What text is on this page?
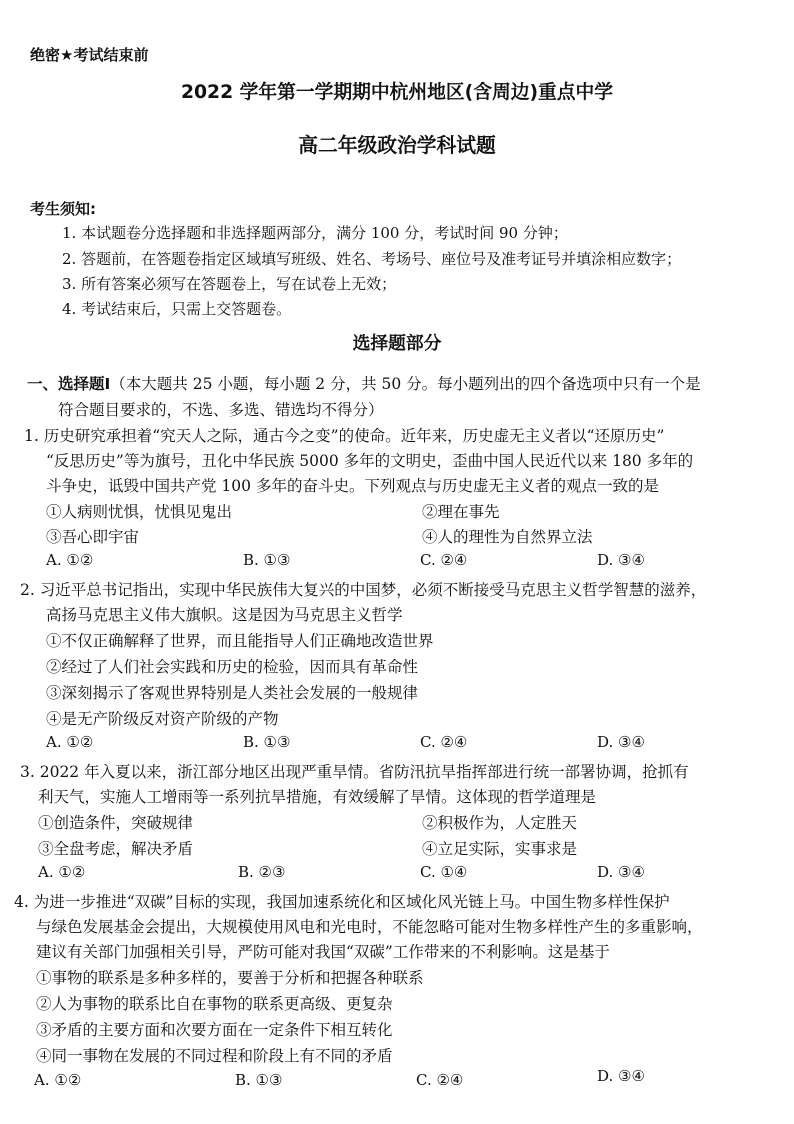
绝密★考试结束前
2022 学年第一学期期中杭州地区(含周边)重点中学
高二年级政治学科试题
考生须知:
1. 本试题卷分选择题和非选择题两部分，满分 100 分，考试时间 90 分钟；
2. 答题前，在答题卷指定区域填写班级、姓名、考场号、座位号及准考证号并填涂相应数字；
3. 所有答案必须写在答题卷上，写在试卷上无效；
4. 考试结束后，只需上交答题卷。
选择题部分
一、选择题Ⅰ（本大题共 25 小题，每小题 2 分，共 50 分。每小题列出的四个备选项中只有一个是
符合题目要求的，不选、多选、错选均不得分）
1. 历史研究承担着“究天人之际，通古今之变”的使命。近年来，历史虚无主义者以“还原历史”
“反思历史”等为旗号，丑化中华民族 5000 多年的文明史，歪曲中国人民近代以来 180 多年的
斗争史，诋毁中国共产党 100 多年的奋斗史。下列观点与历史虚无主义者的观点一致的是
①人病则忧惧，忧惧见鬼出	②理在事先
③吾心即宇宙	④人的理性为自然界立法
A. ①②	B. ①③	C. ②④	D. ③④
2. 习近平总书记指出，实现中华民族伟大复兴的中国梦，必须不断接受马克思主义哲学智慧的滋养，
高扬马克思主义伟大旗帜。这是因为马克思主义哲学
①不仅正确解释了世界，而且能指导人们正确地改造世界
②经过了人们社会实践和历史的检验，因而具有革命性
③深刻揭示了客观世界特别是人类社会发展的一般规律
④是无产阶级反对资产阶级的产物
A. ①②	B. ①③	C. ②④	D. ③④
3. 2022 年入夏以来，浙江部分地区出现严重旱情。省防汛抗旱指挥部进行统一部署协调，抢抓有
利天气，实施人工增雨等一系列抗旱措施，有效缓解了旱情。这体现的哲学道理是
①创造条件，突破规律	②积极作为，人定胜天
③全盘考虑，解决矛盾	④立足实际，实事求是
A. ①②	B. ②③	C. ①④	D. ③④
4. 为进一步推进“双碳”目标的实现，我国加速系统化和区域化风光链上马。中国生物多样性保护
与绿色发展基金会提出，大规模使用风电和光电时，不能忽略可能对生物多样性产生的多重影响，
建议有关部门加强相关引导，严防可能对我国“双碳”工作带来的不利影响。这是基于
①事物的联系是多种多样的，要善于分析和把握各种联系
②人为事物的联系比自在事物的联系更高级、更复杂
③矛盾的主要方面和次要方面在一定条件下相互转化
④同一事物在发展的不同过程和阶段上有不同的矛盾
A. ①②	B. ①③	C. ②④	D. ③④
